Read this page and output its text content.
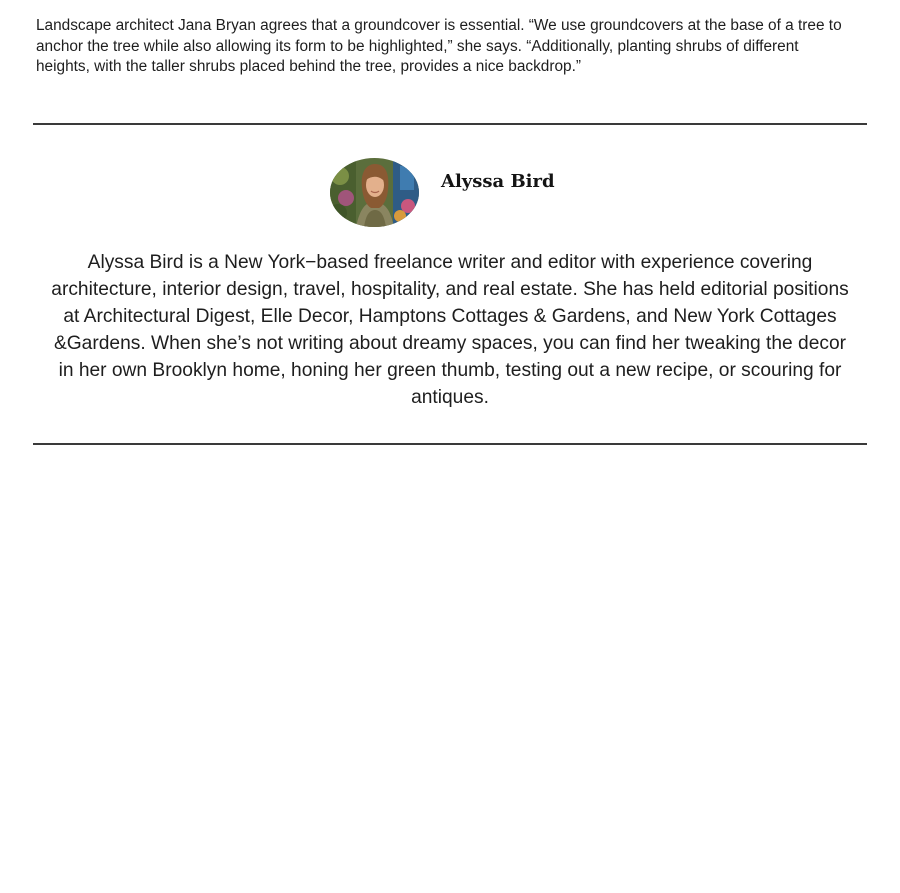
Landscape architect Jana Bryan agrees that a groundcover is essential. “We use groundcovers at the base of a tree to anchor the tree while also allowing its form to be highlighted,” she says. “Additionally, planting shrubs of different heights, with the taller shrubs placed behind the tree, provides a nice backdrop.”

Alyssa Bird

Alyssa Bird is a New York−based freelance writer and editor with experience covering architecture, interior design, travel, hospitality, and real estate. She has held editorial positions at Architectural Digest, Elle Decor, Hamptons Cottages & Gardens, and New York Cottages &Gardens. When she’s not writing about dreamy spaces, you can find her tweaking the decor in her own Brooklyn home, honing her green thumb, testing out a new recipe, or scouring for antiques.
